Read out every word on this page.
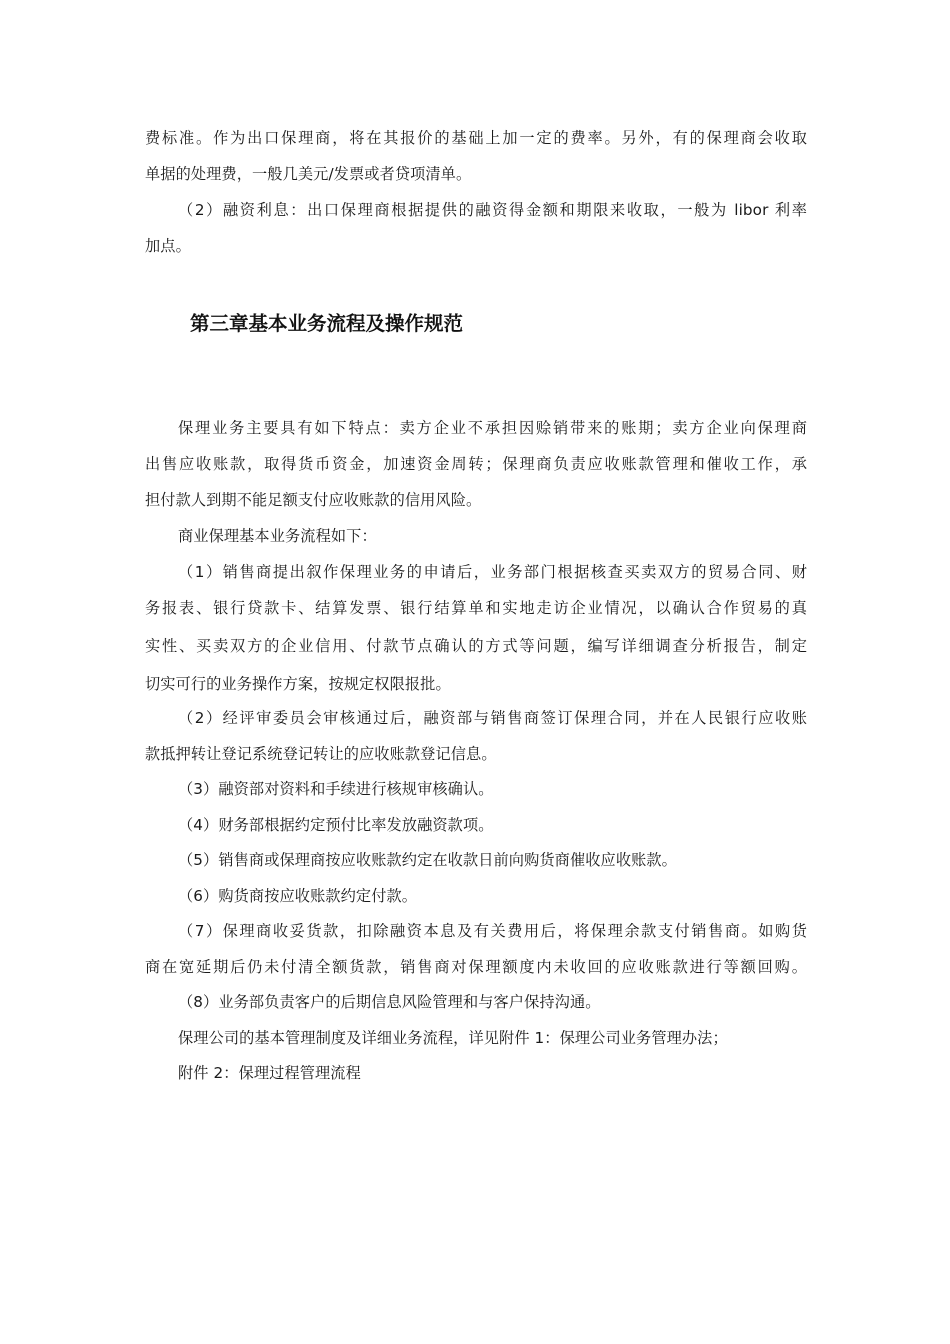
费标准。作为出口保理商，将在其报价的基础上加一定的费率。另外，有的保理商会收取
单据的处理费，一般几美元/发票或者贷项清单。
（2）融资利息：出口保理商根据提供的融资得金额和期限来收取，一般为 libor 利率
加点。
第三章基本业务流程及操作规范
保理业务主要具有如下特点：卖方企业不承担因赊销带来的账期；卖方企业向保理商
出售应收账款，取得货币资金，加速资金周转；保理商负责应收账款管理和催收工作，承
担付款人到期不能足额支付应收账款的信用风险。
商业保理基本业务流程如下：
（1）销售商提出叙作保理业务的申请后，业务部门根据核查买卖双方的贸易合同、财
务报表、银行贷款卡、结算发票、银行结算单和实地走访企业情况，以确认合作贸易的真
实性、买卖双方的企业信用、付款节点确认的方式等问题，编写详细调查分析报告，制定
切实可行的业务操作方案，按规定权限报批。
（2）经评审委员会审核通过后，融资部与销售商签订保理合同，并在人民银行应收账
款抵押转让登记系统登记转让的应收账款登记信息。
（3）融资部对资料和手续进行核规审核确认。
（4）财务部根据约定预付比率发放融资款项。
（5）销售商或保理商按应收账款约定在收款日前向购货商催收应收账款。
（6）购货商按应收账款约定付款。
（7）保理商收妥货款，扣除融资本息及有关费用后，将保理余款支付销售商。如购货
商在宽延期后仍未付清全额货款，销售商对保理额度内未收回的应收账款进行等额回购。
（8）业务部负责客户的后期信息风险管理和与客户保持沟通。
保理公司的基本管理制度及详细业务流程，详见附件 1：保理公司业务管理办法；
附件 2：保理过程管理流程
